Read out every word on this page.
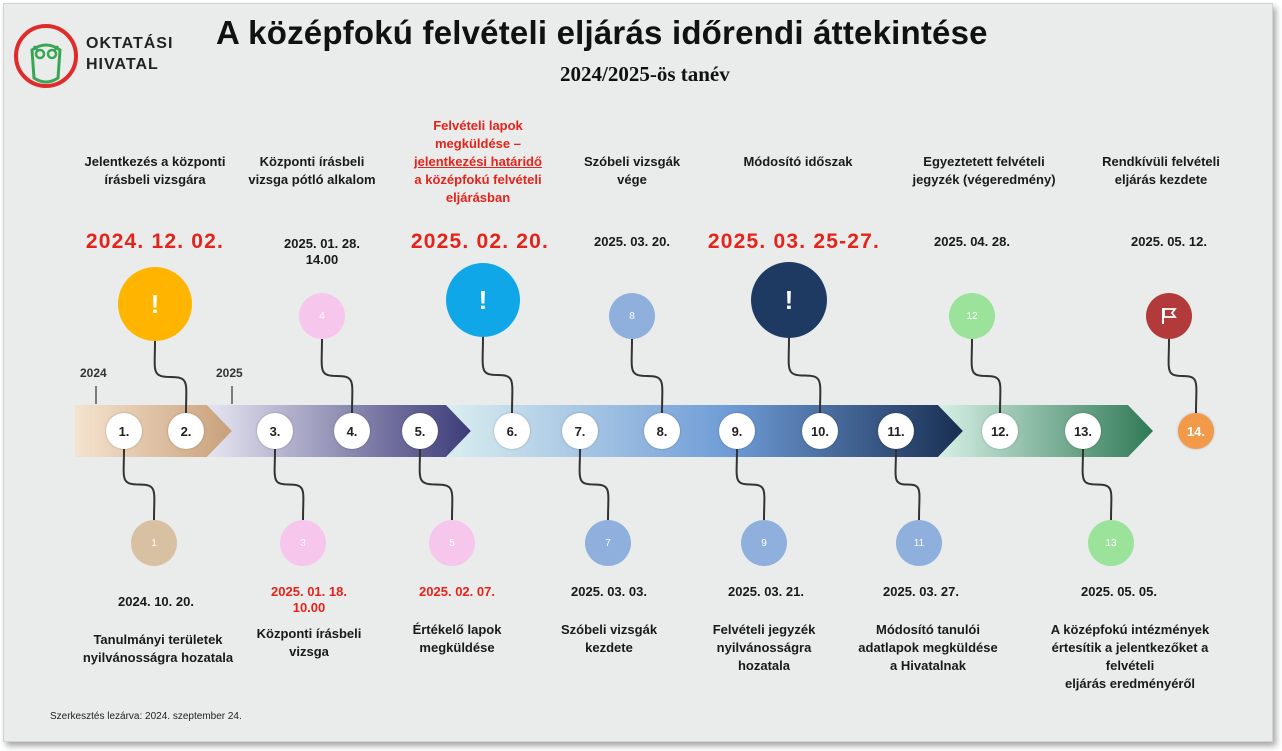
OKTATÁSI
HIVATAL
A középfokú felvételi eljárás időrendi áttekintése
2024/2025-ös tanév
2024	2025
1.	2.	3.	4.	5.	6.	7.	8.	9.	10.	11.	12.	13.	14.
Jelentkezés a központi
írásbeli vizsgára
2024. 12. 02.
!
Központi írásbeli
vizsga pótló alkalom
2025. 01. 28.
14.00
4
Felvételi lapok
megküldése –
jelentkezési határidő
a középfokú felvételi
eljárásban
2025. 02. 20.
!
Szóbeli vizsgák
vége
2025. 03. 20.
8
Módosító időszak
2025. 03. 25-27.
!
Egyeztetett felvételi
jegyzék (végeredmény)
2025. 04. 28.
12
Rendkívüli felvételi
eljárás kezdete
2025. 05. 12.
1
2024. 10. 20.
Tanulmányi területek
nyilvánosságra hozatala
3
2025. 01. 18.
10.00
Központi írásbeli
vizsga
5
2025. 02. 07.
Értékelő lapok
megküldése
7
2025. 03. 03.
Szóbeli vizsgák
kezdete
9
2025. 03. 21.
Felvételi jegyzék
nyilvánosságra
hozatala
11
2025. 03. 27.
Módosító tanulói
adatlapok megküldése
a Hivatalnak
13
2025. 05. 05.
A középfokú intézmények
értesítik a jelentkezőket a
felvételi
eljárás eredményéről
Szerkesztés lezárva: 2024. szeptember 24.
